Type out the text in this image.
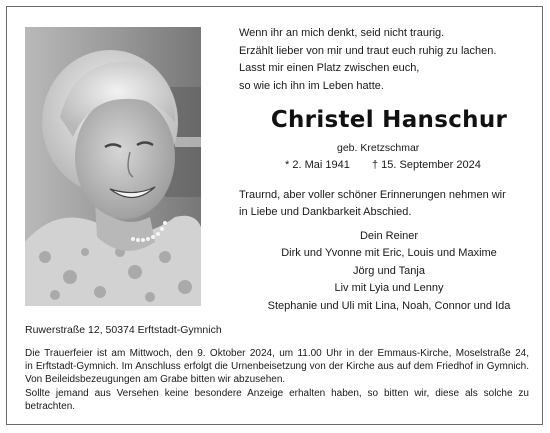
Wenn ihr an mich denkt, seid nicht traurig.
Erzählt lieber von mir und traut euch ruhig zu lachen.
Lasst mir einen Platz zwischen euch,
so wie ich ihn im Leben hatte.
Christel Hanschur
geb. Kretzschmar
* 2. Mai 1941 † 15. September 2024
Traurnd, aber voller schöner Erinnerungen nehmen wir
in Liebe und Dankbarkeit Abschied.
Dein Reiner
Dirk und Yvonne mit Eric, Louis und Maxime
Jörg und Tanja
Liv mit Lyia und Lenny
Stephanie und Uli mit Lina, Noah, Connor und Ida
Ruwerstraße 12, 50374 Erftstadt-Gymnich

Die Trauerfeier ist am Mittwoch, den 9. Oktober 2024, um 11.00 Uhr in der Emmaus-Kirche, Moselstraße 24,

in Erftstadt-Gymnich. Im Anschluss erfolgt die Urnenbeisetzung von der Kirche aus auf dem Friedhof in Gymnich.

Von Beileidsbezeugungen am Grabe bitten wir abzusehen.

Sollte jemand aus Versehen keine besondere Anzeige erhalten haben, so bitten wir, diese als solche zu

betrachten.
